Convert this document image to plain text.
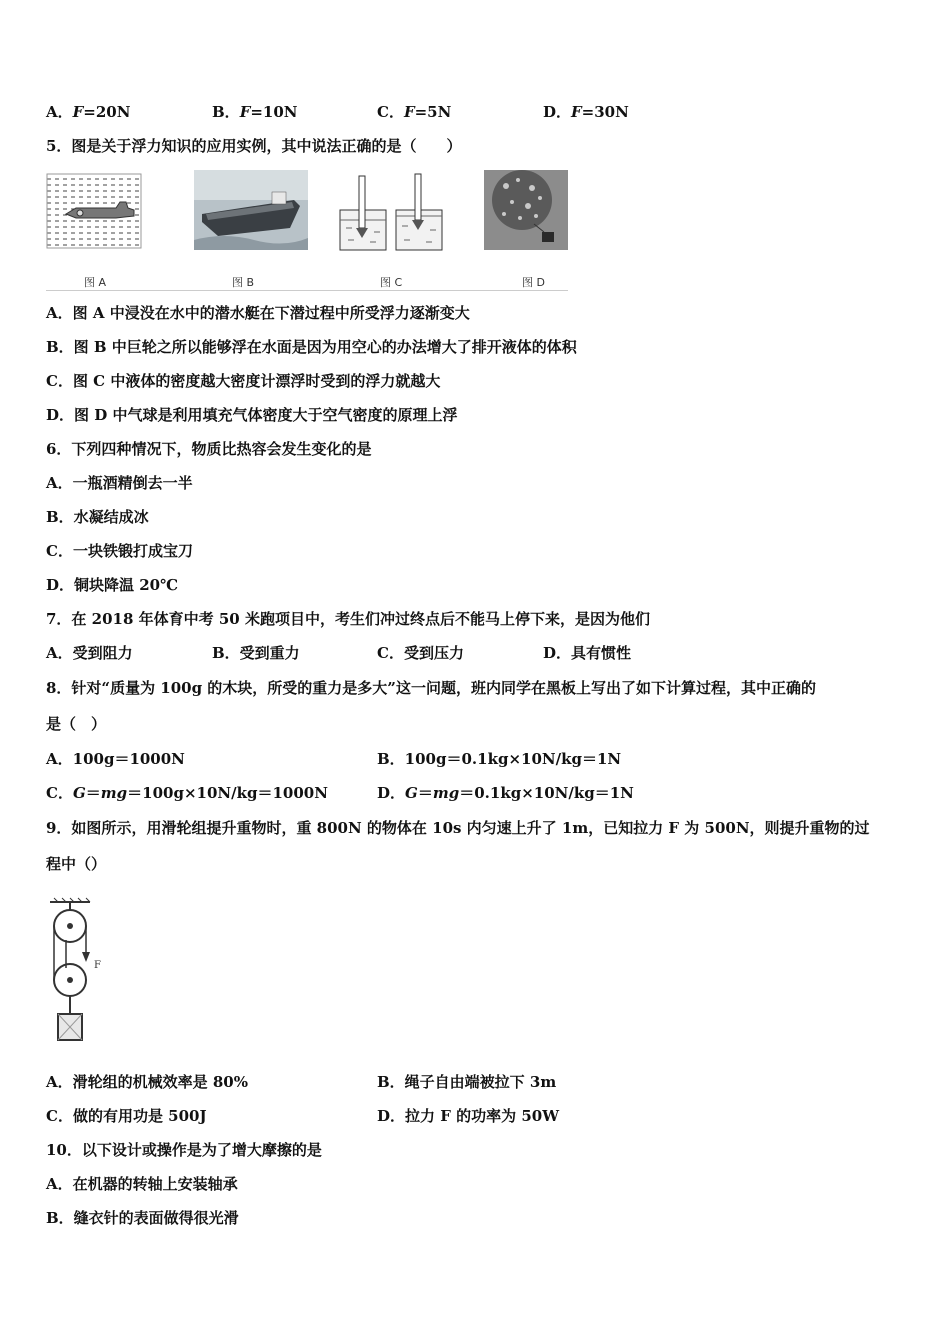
A．F=20N	B．F=10N	C．F=5N	D．F=30N
5．图是关于浮力知识的应用实例，其中说法正确的是（　　）
图 A	图 B	图 C	图 D
A．图 A 中浸没在水中的潜水艇在下潜过程中所受浮力逐渐变大
B．图 B 中巨轮之所以能够浮在水面是因为用空心的办法增大了排开液体的体积
C．图 C 中液体的密度越大密度计漂浮时受到的浮力就越大
D．图 D 中气球是利用填充气体密度大于空气密度的原理上浮
6．下列四种情况下，物质比热容会发生变化的是
A．一瓶酒精倒去一半
B．水凝结成冰
C．一块铁锻打成宝刀
D．铜块降温 20℃
7．在 2018 年体育中考 50 米跑项目中，考生们冲过终点后不能马上停下来，是因为他们
A．受到阻力	B．受到重力	C．受到压力	D．具有惯性
8．针对“质量为 100g 的木块，所受的重力是多大”这一问题，班内同学在黑板上写出了如下计算过程，其中正确的
是（　）
A．100g＝1000N	B．100g＝0.1kg×10N/kg＝1N
C．G＝mg＝100g×10N/kg＝1000N	D．G＝mg＝0.1kg×10N/kg＝1N
9．如图所示，用滑轮组提升重物时，重 800N 的物体在 10s 内匀速上升了 1m，已知拉力 F 为 500N，则提升重物的过
程中（）
F
A．滑轮组的机械效率是 80%	B．绳子自由端被拉下 3m
C．做的有用功是 500J	D．拉力 F 的功率为 50W
10．以下设计或操作是为了增大摩擦的是
A．在机器的转轴上安装轴承
B．缝衣针的表面做得很光滑
